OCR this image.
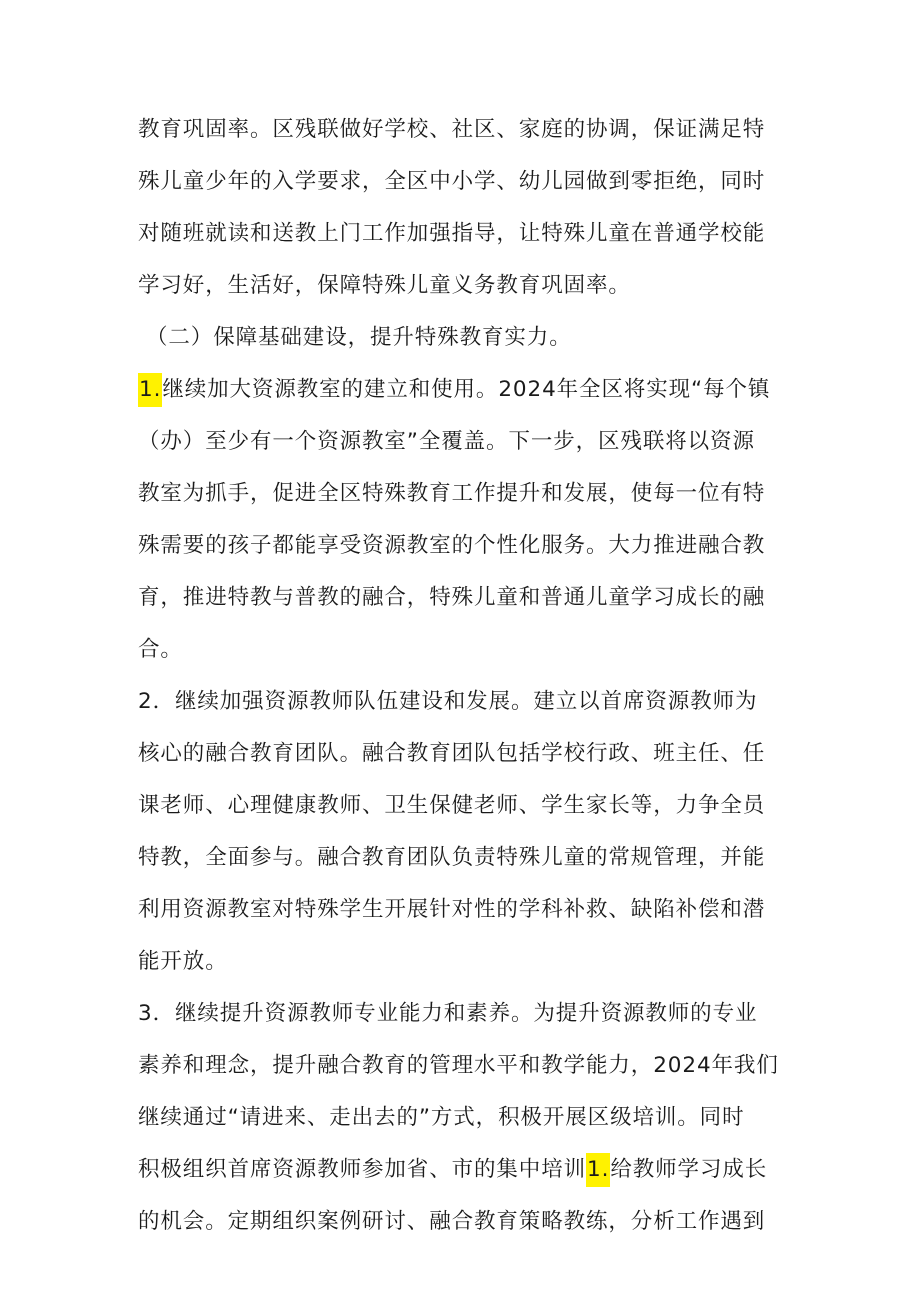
教育巩固率。区残联做好学校、社区、家庭的协调，保证满足特
殊儿童少年的入学要求，全区中小学、幼儿园做到零拒绝，同时
对随班就读和送教上门工作加强指导，让特殊儿童在普通学校能
学习好，生活好，保障特殊儿童义务教育巩固率。
（二）保障基础建设，提升特殊教育实力。
1.继续加大资源教室的建立和使用。2024年全区将实现“每个镇
（办）至少有一个资源教室”全覆盖。下一步，区残联将以资源
教室为抓手，促进全区特殊教育工作提升和发展，使每一位有特
殊需要的孩子都能享受资源教室的个性化服务。大力推进融合教
育，推进特教与普教的融合，特殊儿童和普通儿童学习成长的融
合。
2．继续加强资源教师队伍建设和发展。建立以首席资源教师为
核心的融合教育团队。融合教育团队包括学校行政、班主任、任
课老师、心理健康教师、卫生保健老师、学生家长等，力争全员
特教，全面参与。融合教育团队负责特殊儿童的常规管理，并能
利用资源教室对特殊学生开展针对性的学科补救、缺陷补偿和潜
能开放。
3．继续提升资源教师专业能力和素养。为提升资源教师的专业
素养和理念，提升融合教育的管理水平和教学能力，2024年我们
继续通过“请进来、走出去的”方式，积极开展区级培训。同时
积极组织首席资源教师参加省、市的集中培训1.给教师学习成长
的机会。定期组织案例研讨、融合教育策略教练，分析工作遇到
